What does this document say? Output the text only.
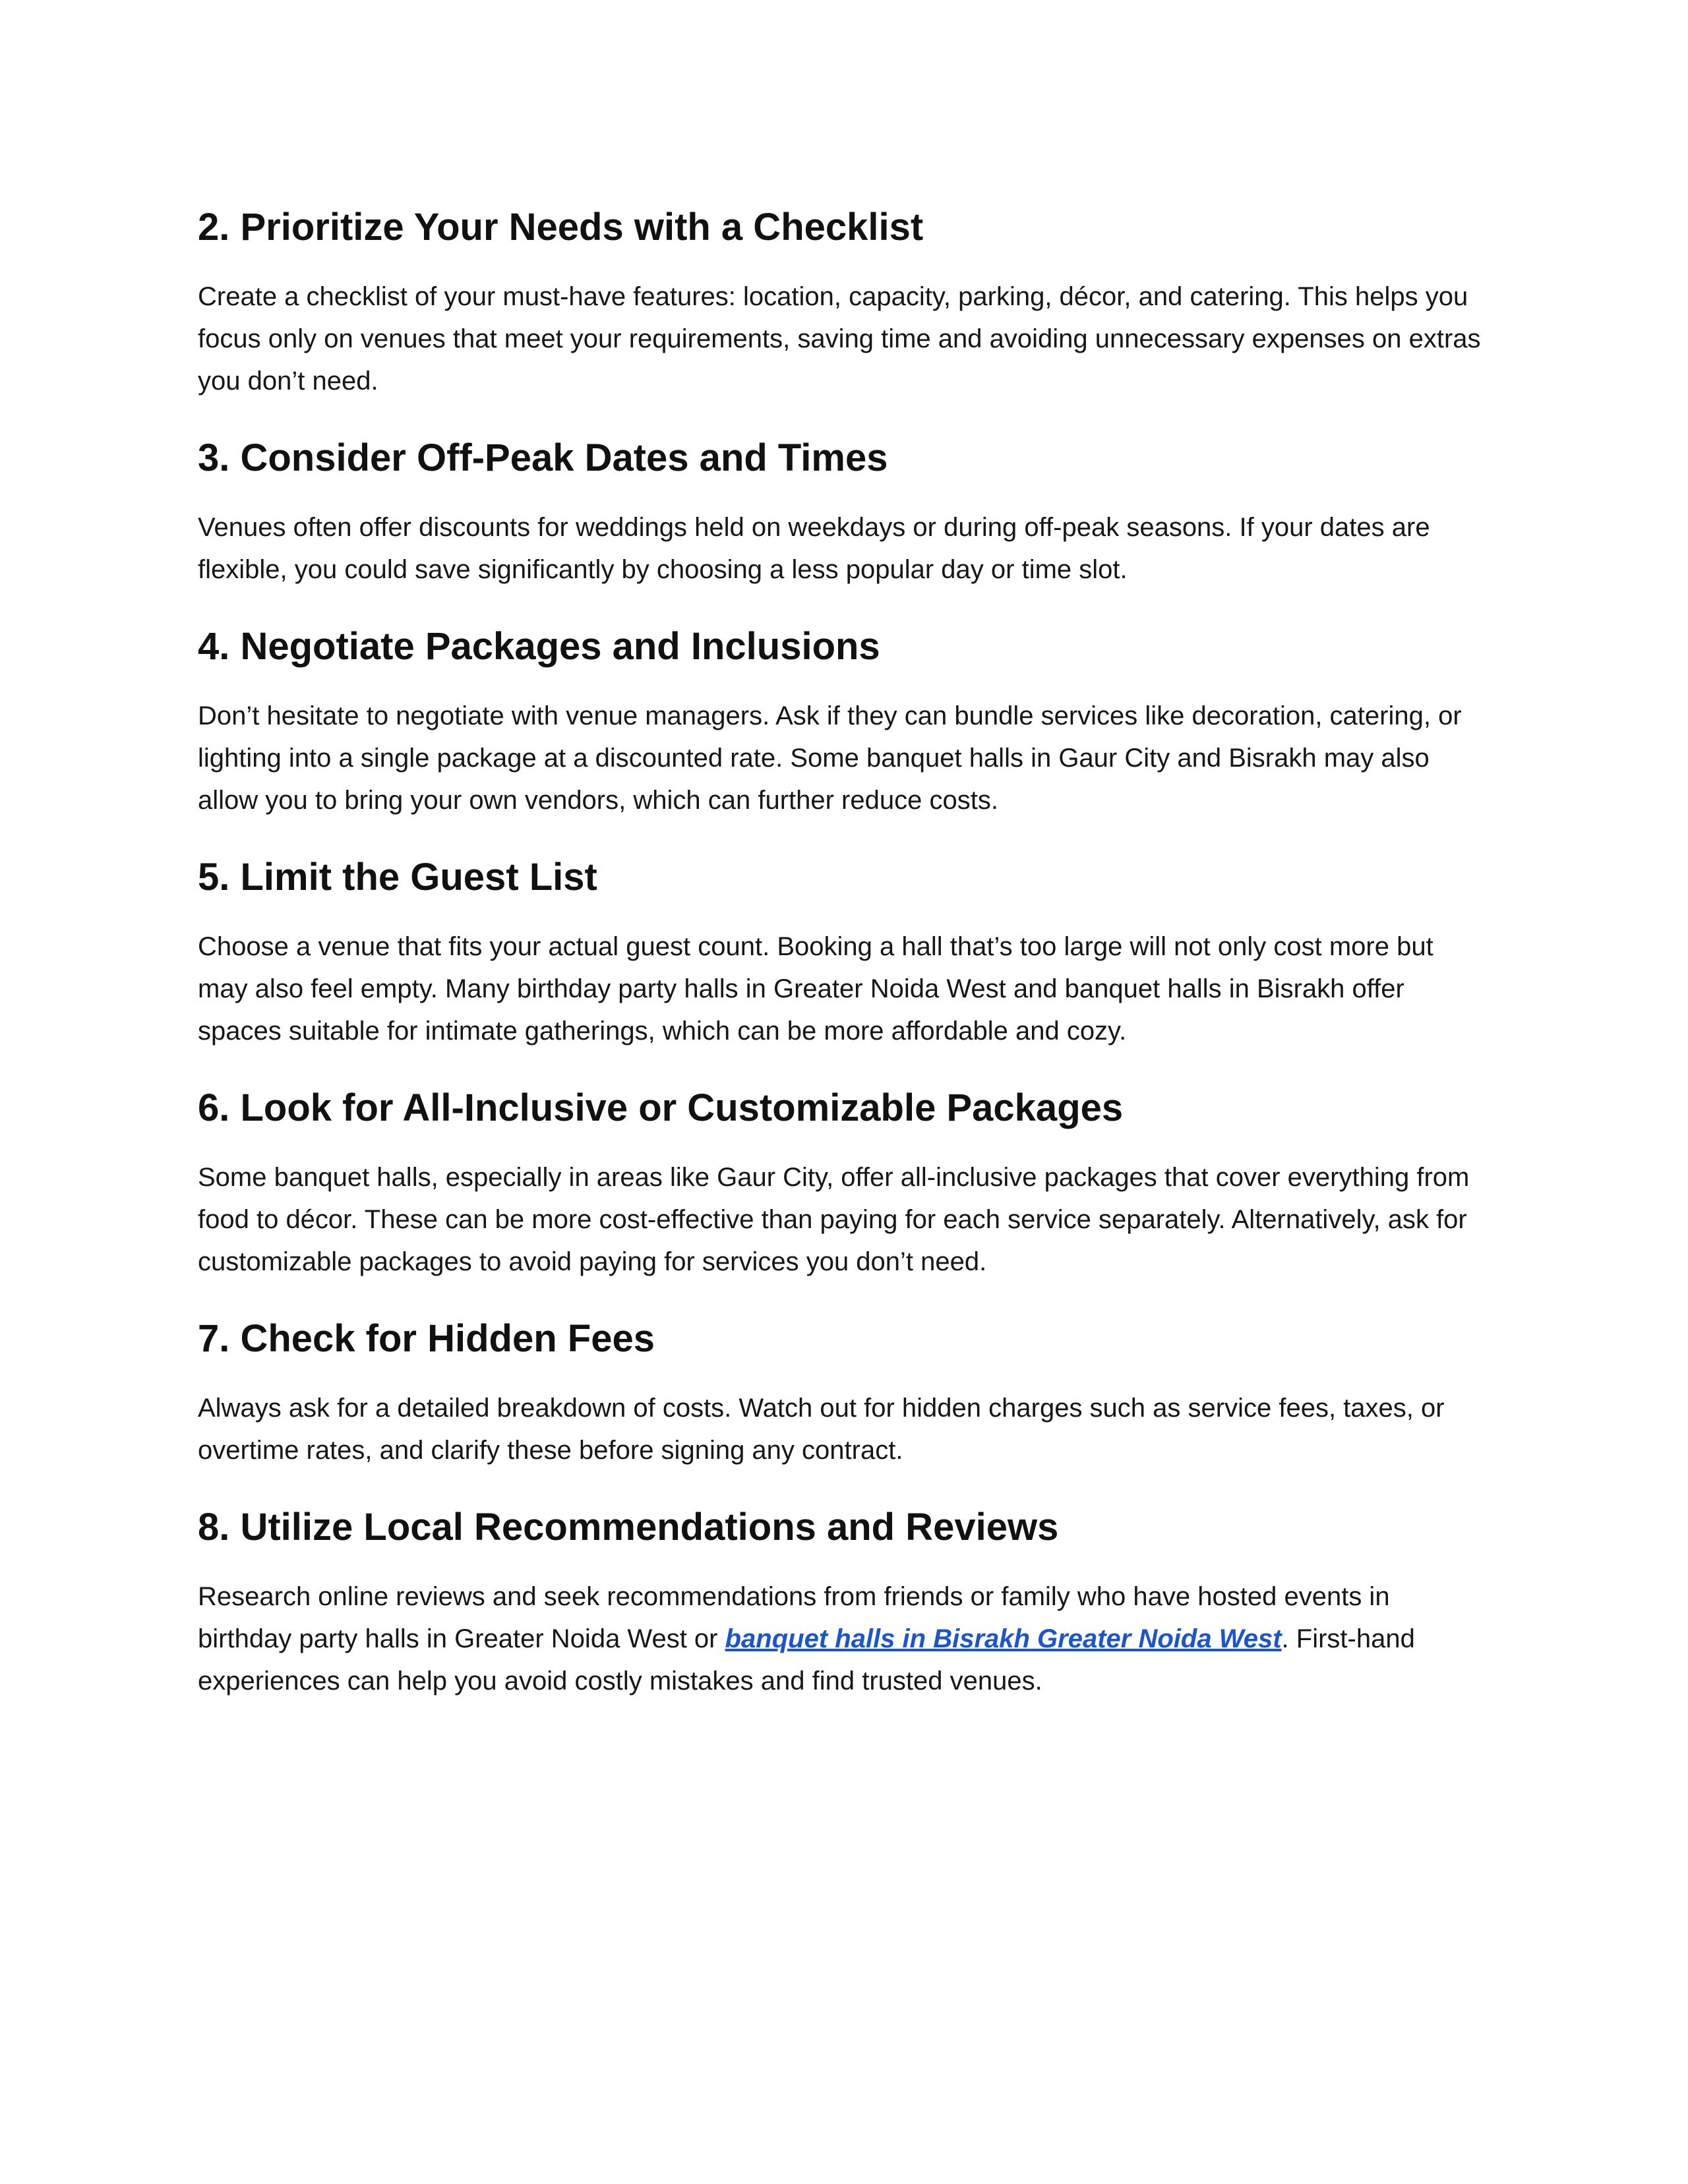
2. Prioritize Your Needs with a Checklist

Create a checklist of your must-have features: location, capacity, parking, décor, and catering. This helps you focus only on venues that meet your requirements, saving time and avoiding unnecessary expenses on extras you don’t need.

3. Consider Off-Peak Dates and Times

Venues often offer discounts for weddings held on weekdays or during off-peak seasons. If your dates are flexible, you could save significantly by choosing a less popular day or time slot.

4. Negotiate Packages and Inclusions

Don’t hesitate to negotiate with venue managers. Ask if they can bundle services like decoration, catering, or lighting into a single package at a discounted rate. Some banquet halls in Gaur City and Bisrakh may also allow you to bring your own vendors, which can further reduce costs.

5. Limit the Guest List

Choose a venue that fits your actual guest count. Booking a hall that’s too large will not only cost more but may also feel empty. Many birthday party halls in Greater Noida West and banquet halls in Bisrakh offer spaces suitable for intimate gatherings, which can be more affordable and cozy.

6. Look for All-Inclusive or Customizable Packages

Some banquet halls, especially in areas like Gaur City, offer all-inclusive packages that cover everything from food to décor. These can be more cost-effective than paying for each service separately. Alternatively, ask for customizable packages to avoid paying for services you don’t need.

7. Check for Hidden Fees

Always ask for a detailed breakdown of costs. Watch out for hidden charges such as service fees, taxes, or overtime rates, and clarify these before signing any contract.

8. Utilize Local Recommendations and Reviews

Research online reviews and seek recommendations from friends or family who have hosted events in birthday party halls in Greater Noida West or banquet halls in Bisrakh Greater Noida West. First-hand experiences can help you avoid costly mistakes and find trusted venues.
